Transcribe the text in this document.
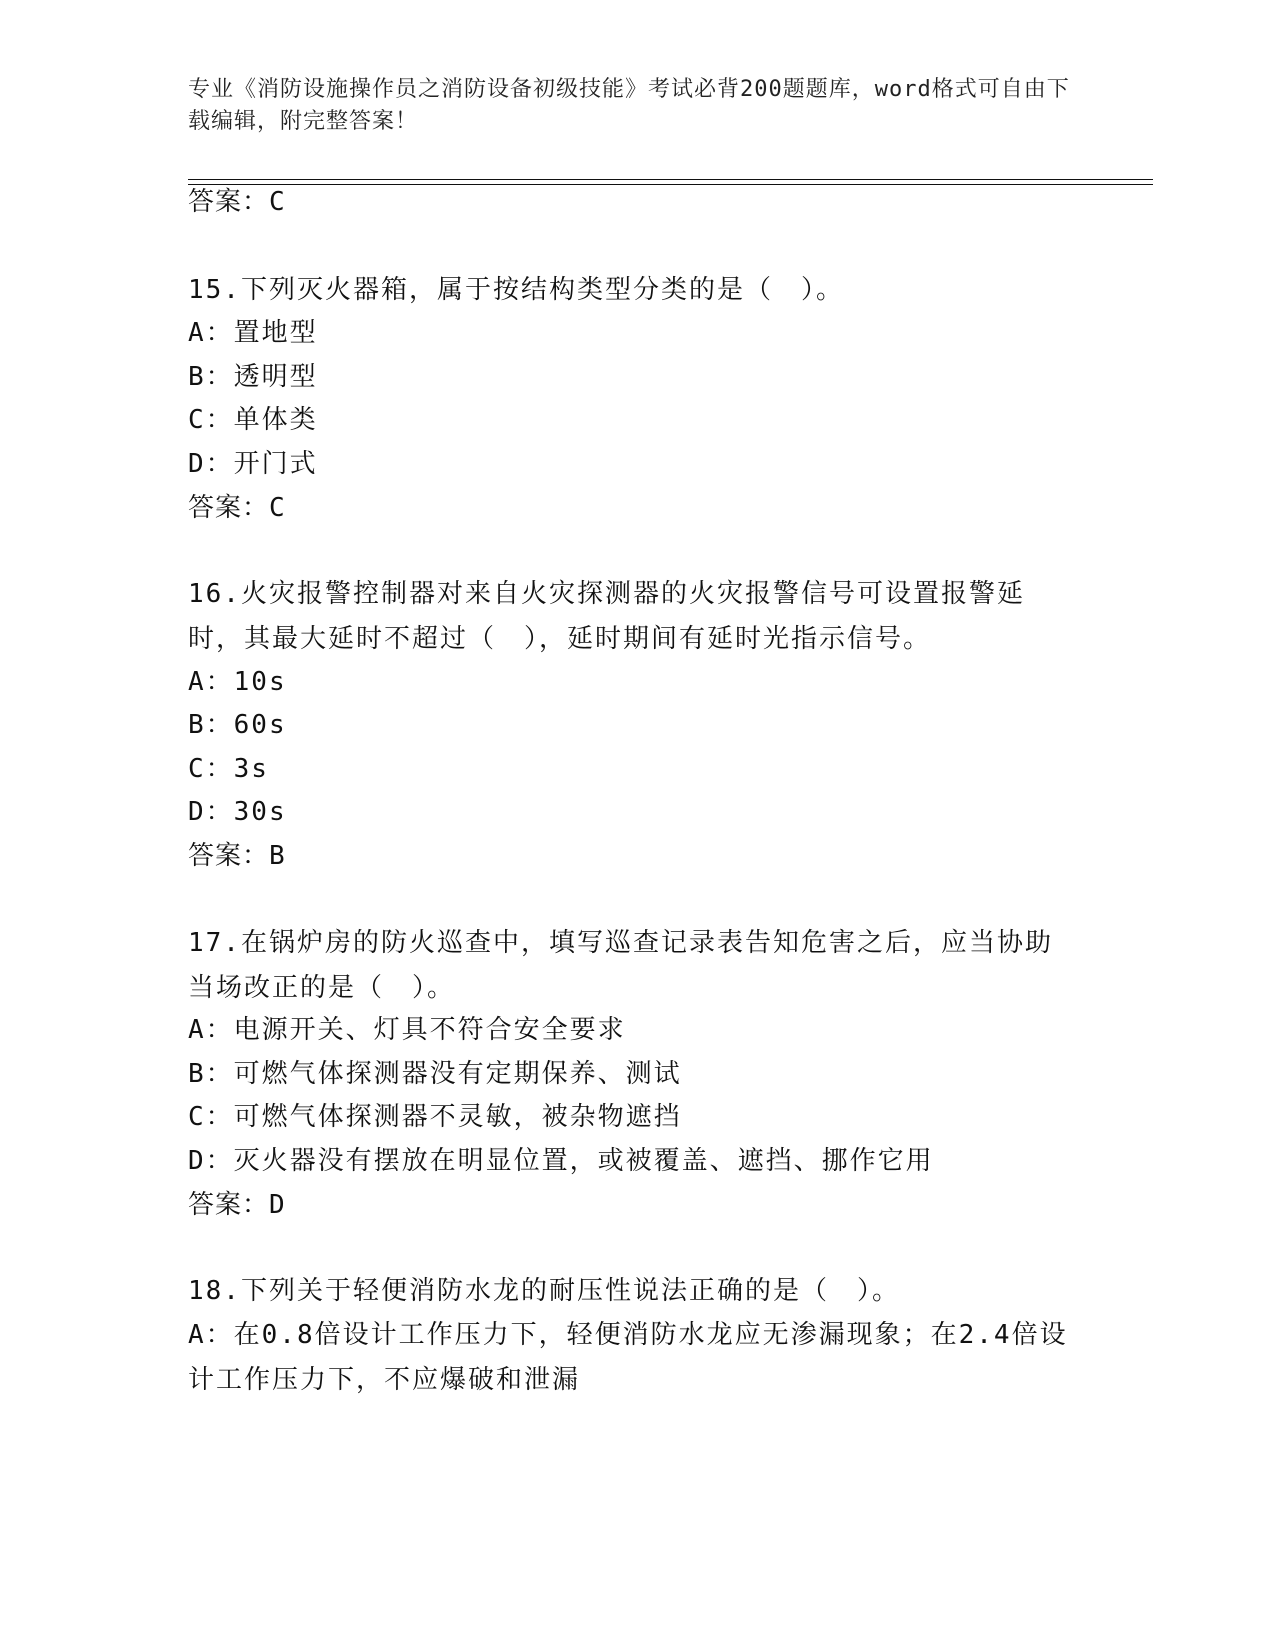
专业《消防设施操作员之消防设备初级技能》考试必背200题题库，word格式可自由下载编辑，附完整答案！
答案：C
15.下列灭火器箱，属于按结构类型分类的是（　）。
A：置地型
B：透明型
C：单体类
D：开门式
答案：C
16.火灾报警控制器对来自火灾探测器的火灾报警信号可设置报警延时，其最大延时不超过（　），延时期间有延时光指示信号。
A：10s
B：60s
C：3s
D：30s
答案：B
17.在锅炉房的防火巡查中，填写巡查记录表告知危害之后，应当协助当场改正的是（　）。
A：电源开关、灯具不符合安全要求
B：可燃气体探测器没有定期保养、测试
C：可燃气体探测器不灵敏，被杂物遮挡
D：灭火器没有摆放在明显位置，或被覆盖、遮挡、挪作它用
答案：D
18.下列关于轻便消防水龙的耐压性说法正确的是（　）。
A：在0.8倍设计工作压力下，轻便消防水龙应无渗漏现象；在2.4倍设计工作压力下，不应爆破和泄漏
